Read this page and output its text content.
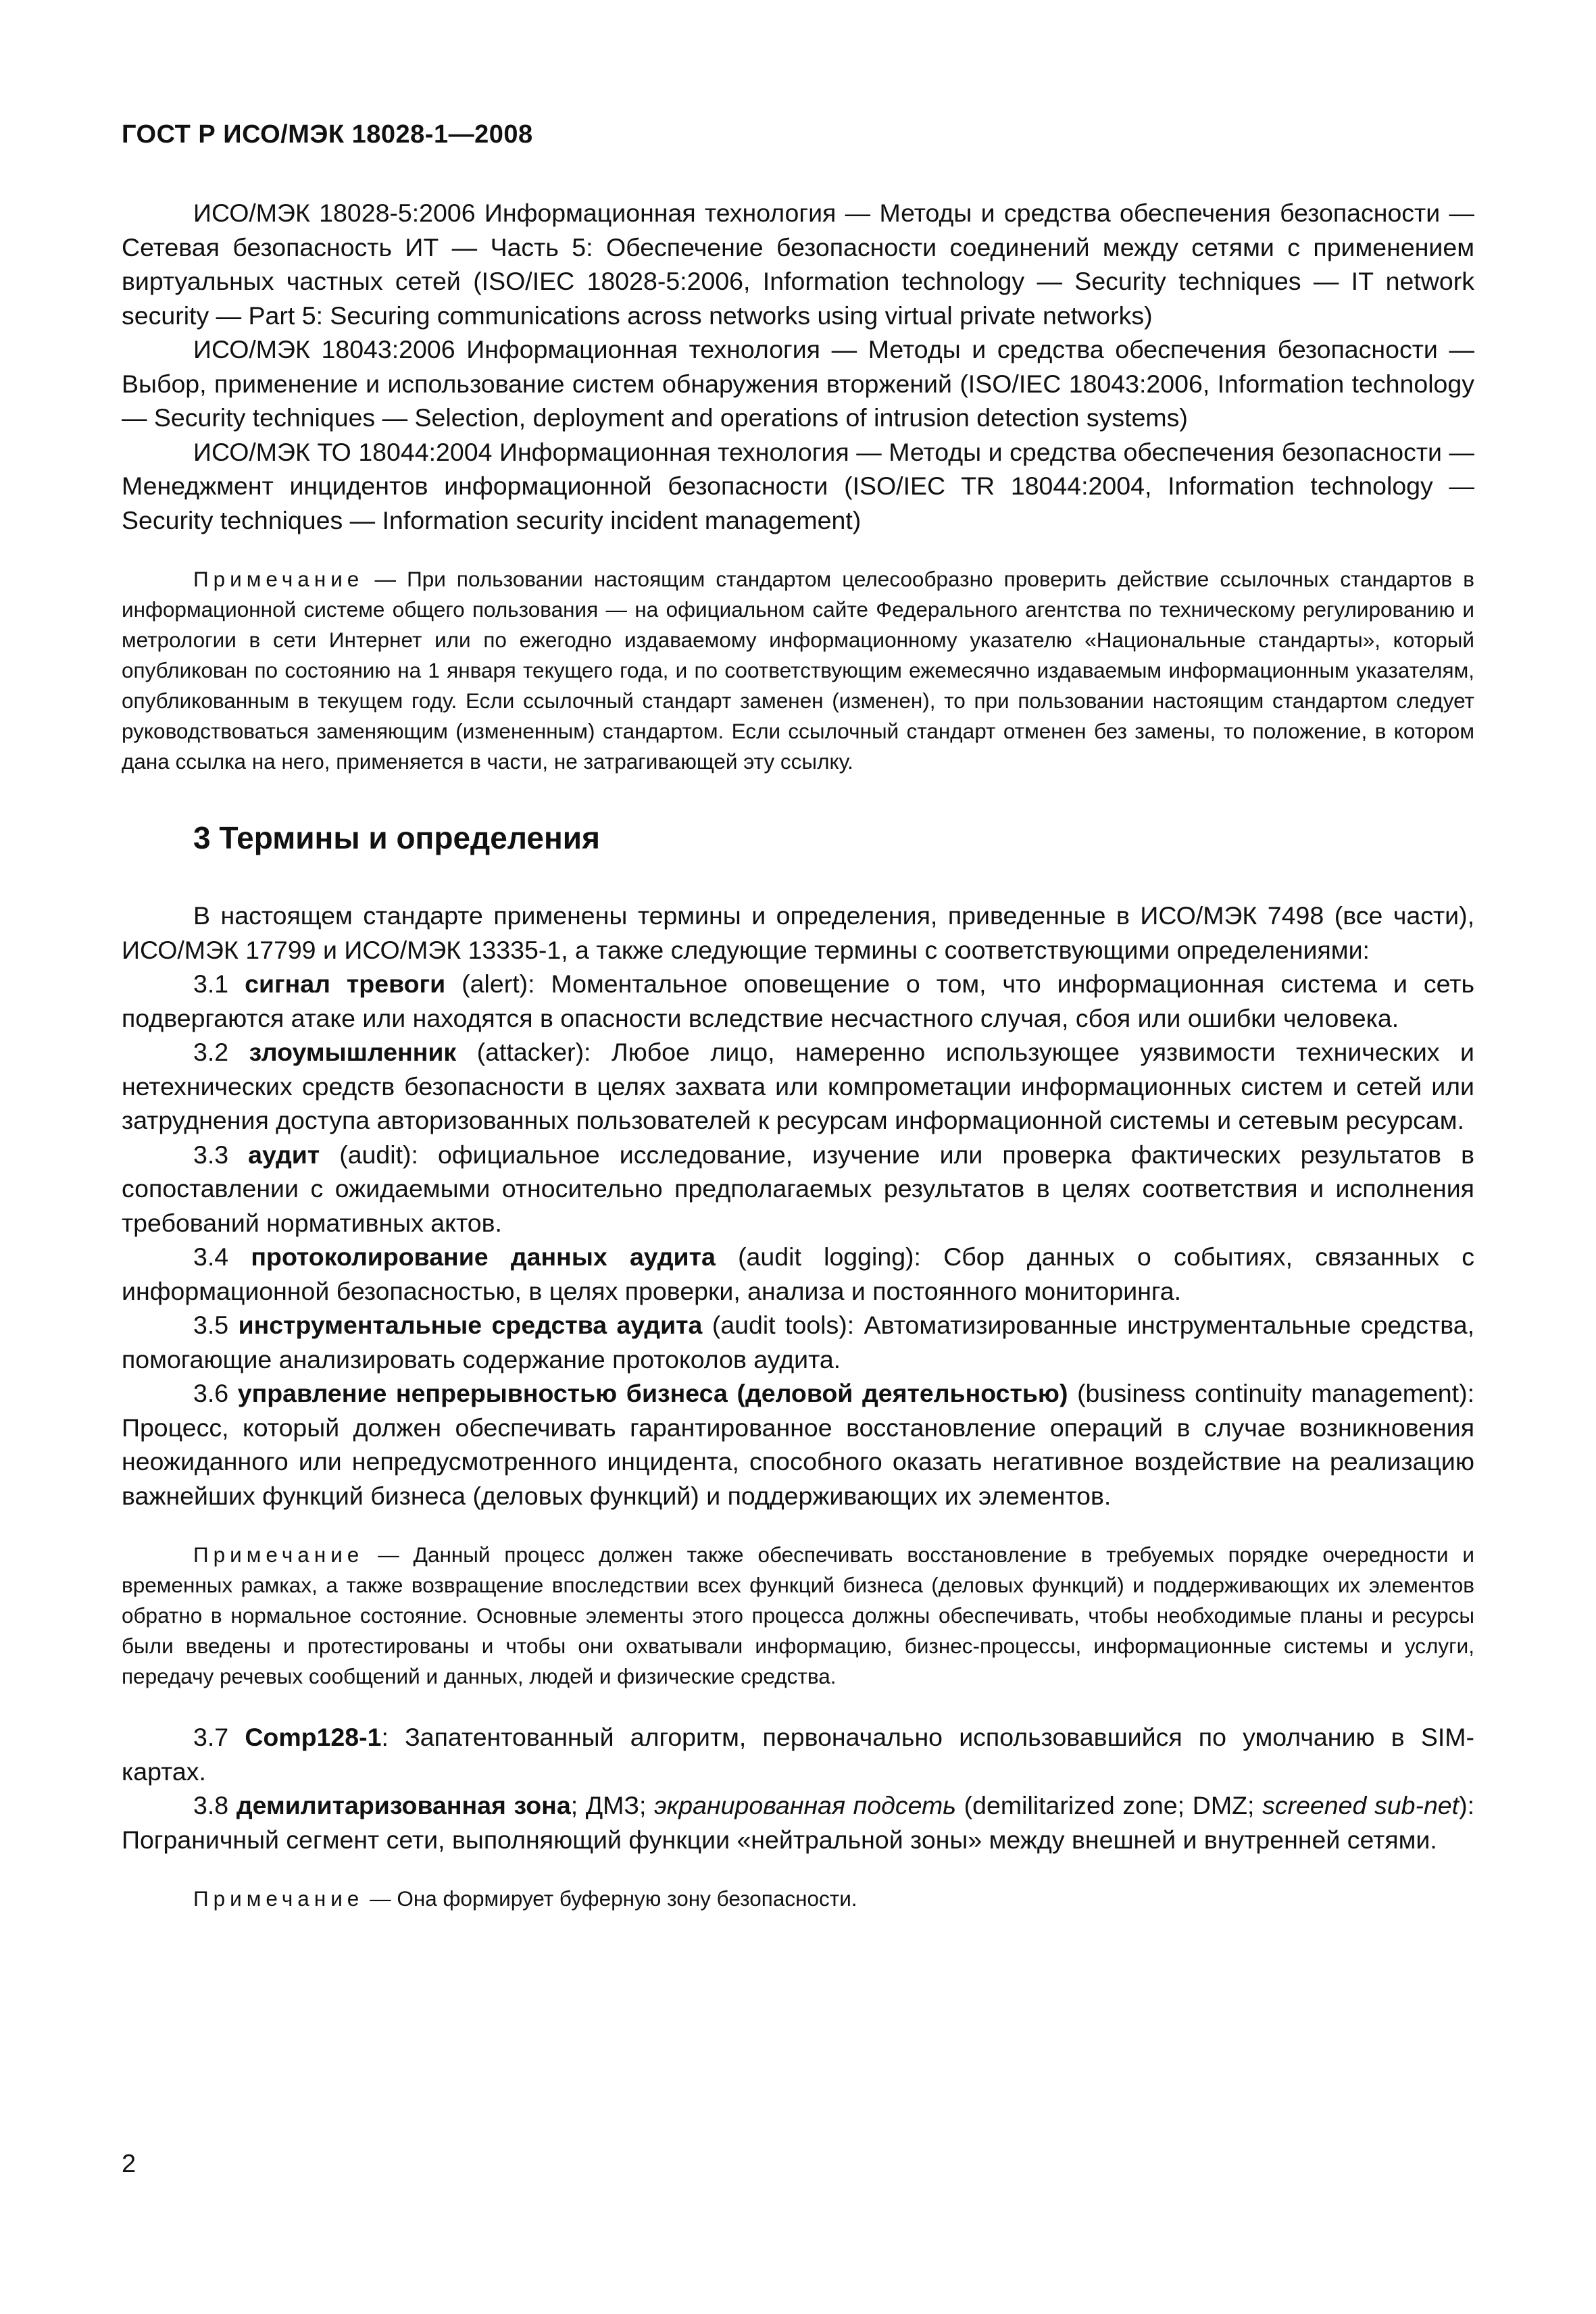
ГОСТ Р ИСО/МЭК 18028-1—2008

ИСО/МЭК 18028-5:2006 Информационная технология — Методы и средства обеспечения безопасности — Сетевая безопасность ИТ — Часть 5: Обеспечение безопасности соединений между сетями с применением виртуальных частных сетей (ISO/IEC 18028-5:2006, Information technology — Security techniques — IT network security — Part 5: Securing communications across networks using virtual private networks)

ИСО/МЭК 18043:2006 Информационная технология — Методы и средства обеспечения безопасности — Выбор, применение и использование систем обнаружения вторжений (ISO/IEC 18043:2006, Information technology — Security techniques — Selection, deployment and operations of intrusion detection systems)

ИСО/МЭК ТО 18044:2004 Информационная технология — Методы и средства обеспечения безопасности — Менеджмент инцидентов информационной безопасности (ISO/IEC TR 18044:2004, Information technology — Security techniques — Information security incident management)

Примечание — При пользовании настоящим стандартом целесообразно проверить действие ссылочных стандартов в информационной системе общего пользования — на официальном сайте Федерального агентства по техническому регулированию и метрологии в сети Интернет или по ежегодно издаваемому информационному указателю «Национальные стандарты», который опубликован по состоянию на 1 января текущего года, и по соответствующим ежемесячно издаваемым информационным указателям, опубликованным в текущем году. Если ссылочный стандарт заменен (изменен), то при пользовании настоящим стандартом следует руководствоваться заменяющим (измененным) стандартом. Если ссылочный стандарт отменен без замены, то положение, в котором дана ссылка на него, применяется в части, не затрагивающей эту ссылку.

3 Термины и определения

В настоящем стандарте применены термины и определения, приведенные в ИСО/МЭК 7498 (все части), ИСО/МЭК 17799 и ИСО/МЭК 13335-1, а также следующие термины с соответствующими определениями:

3.1 сигнал тревоги (alert): Моментальное оповещение о том, что информационная система и сеть подвергаются атаке или находятся в опасности вследствие несчастного случая, сбоя или ошибки человека.

3.2 злоумышленник (attacker): Любое лицо, намеренно использующее уязвимости технических и нетехнических средств безопасности в целях захвата или компрометации информационных систем и сетей или затруднения доступа авторизованных пользователей к ресурсам информационной системы и сетевым ресурсам.

3.3 аудит (audit): официальное исследование, изучение или проверка фактических результатов в сопоставлении с ожидаемыми относительно предполагаемых результатов в целях соответствия и исполнения требований нормативных актов.

3.4 протоколирование данных аудита (audit logging): Сбор данных о событиях, связанных с информационной безопасностью, в целях проверки, анализа и постоянного мониторинга.

3.5 инструментальные средства аудита (audit tools): Автоматизированные инструментальные средства, помогающие анализировать содержание протоколов аудита.

3.6 управление непрерывностью бизнеса (деловой деятельностью) (business continuity management): Процесс, который должен обеспечивать гарантированное восстановление операций в случае возникновения неожиданного или непредусмотренного инцидента, способного оказать негативное воздействие на реализацию важнейших функций бизнеса (деловых функций) и поддерживающих их элементов.

Примечание — Данный процесс должен также обеспечивать восстановление в требуемых порядке очередности и временных рамках, а также возвращение впоследствии всех функций бизнеса (деловых функций) и поддерживающих их элементов обратно в нормальное состояние. Основные элементы этого процесса должны обеспечивать, чтобы необходимые планы и ресурсы были введены и протестированы и чтобы они охватывали информацию, бизнес-процессы, информационные системы и услуги, передачу речевых сообщений и данных, людей и физические средства.

3.7 Comp128-1: Запатентованный алгоритм, первоначально использовавшийся по умолчанию в SIM-картах.

3.8 демилитаризованная зона; ДМЗ; экранированная подсеть (demilitarized zone; DMZ; screened sub-net): Пограничный сегмент сети, выполняющий функции «нейтральной зоны» между внешней и внутренней сетями.

Примечание — Она формирует буферную зону безопасности.

2
